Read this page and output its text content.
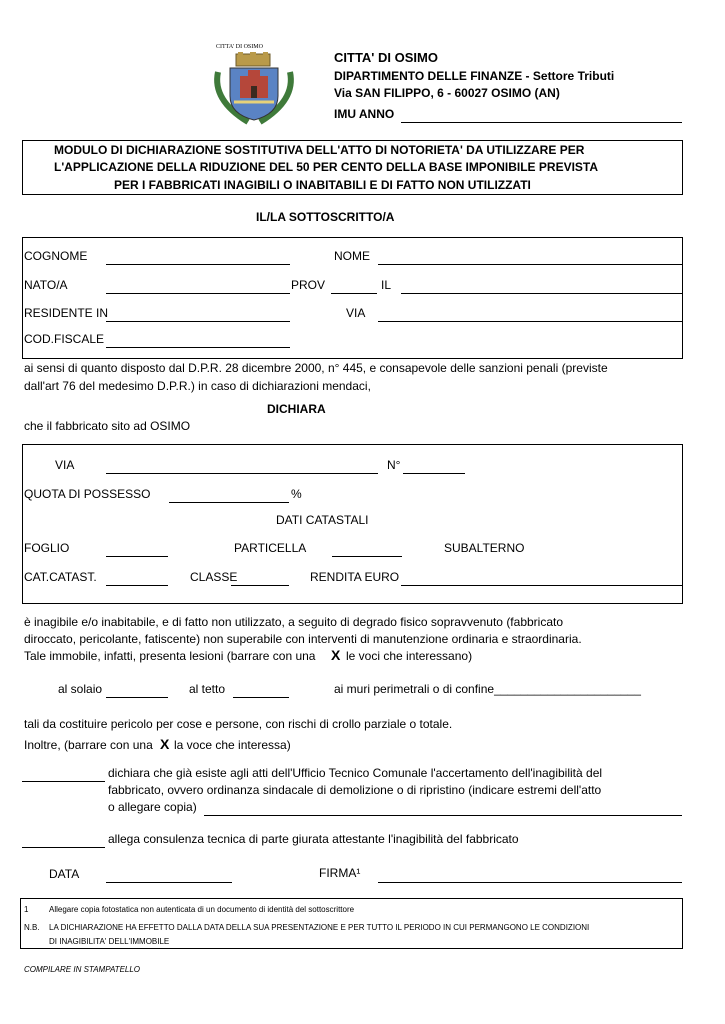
CITTA' DI OSIMO
CITTA' DI OSIMO
DIPARTIMENTO DELLE FINANZE - Settore Tributi
Via SAN FILIPPO, 6 - 60027 OSIMO (AN)
IMU ANNO
MODULO DI DICHIARAZIONE SOSTITUTIVA DELL'ATTO DI NOTORIETA' DA UTILIZZARE PER
L'APPLICAZIONE DELLA RIDUZIONE DEL 50 PER CENTO DELLA BASE IMPONIBILE PREVISTA
PER I FABBRICATI INAGIBILI O INABITABILI E DI FATTO NON UTILIZZATI
IL/LA SOTTOSCRITTO/A
COGNOME	NOME
NATO/A	PROV	IL
RESIDENTE IN	VIA
COD.FISCALE
ai sensi di quanto disposto dal D.P.R. 28 dicembre 2000, n° 445, e consapevole delle sanzioni penali (previste
dall'art 76 del medesimo D.P.R.) in caso di dichiarazioni mendaci,
DICHIARA
che il fabbricato sito ad OSIMO
VIA	N°
QUOTA DI POSSESSO	%
DATI CATASTALI
FOGLIO	PARTICELLA	SUBALTERNO
CAT.CATAST.	CLASSE	RENDITA EURO
è inagibile e/o inabitabile, e di fatto non utilizzato, a seguito di degrado fisico sopravvenuto (fabbricato
diroccato, pericolante, fatiscente) non superabile con interventi di manutenzione ordinaria e straordinaria.
Tale immobile, infatti, presenta lesioni (barrare con una X le voci che interessano)
al solaio	al tetto	ai muri perimetrali o di confine______________________
tali da costituire pericolo per cose e persone, con rischi di crollo parziale o totale.
Inoltre, (barrare con una X la voce che interessa)
dichiara che già esiste agli atti dell'Ufficio Tecnico Comunale l'accertamento dell'inagibilità del
fabbricato, ovvero ordinanza sindacale di demolizione o di ripristino (indicare estremi dell'atto
o allegare copia)
allega consulenza tecnica di parte giurata attestante l'inagibilità del fabbricato
DATA	FIRMA¹
1	Allegare copia fotostatica non autenticata di un documento di identità del sottoscrittore
N.B. LA DICHIARAZIONE HA EFFETTO DALLA DATA DELLA SUA PRESENTAZIONE E PER TUTTO IL PERIODO IN CUI PERMANGONO LE CONDIZIONI
DI INAGIBILITA' DELL'IMMOBILE
COMPILARE IN STAMPATELLO
